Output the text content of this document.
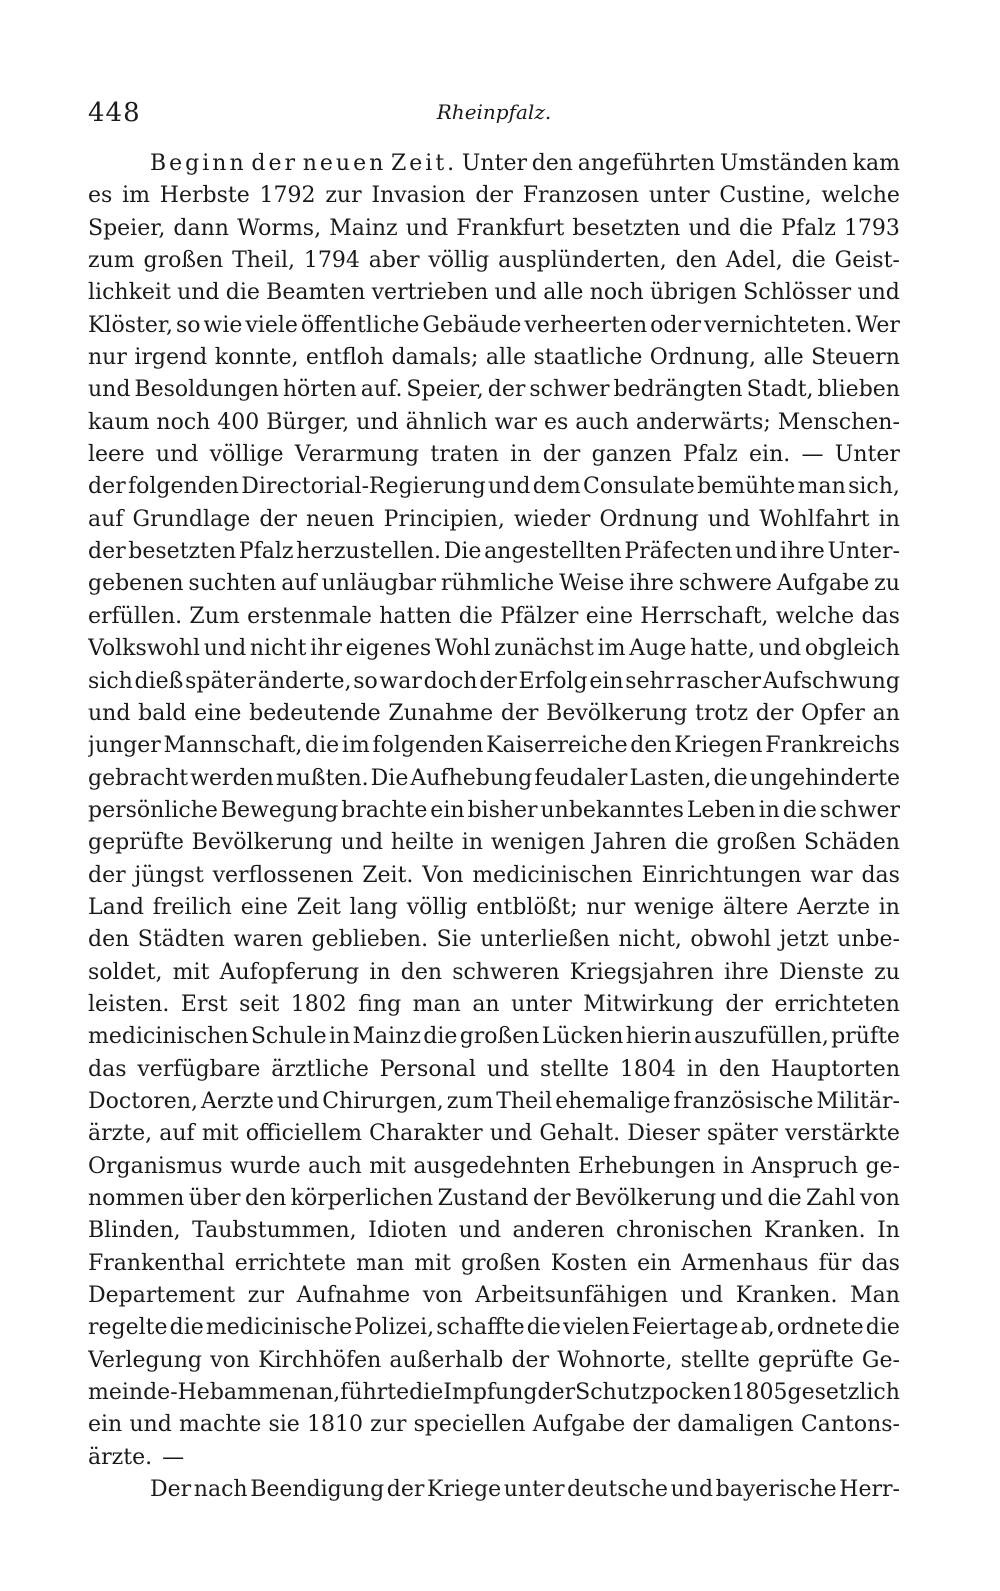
448	Rheinpfalz.
Beginn der neuen Zeit. Unter den angeführten Umständen kam
es im Herbste 1792 zur Invasion der Franzosen unter Custine, welche
Speier, dann Worms, Mainz und Frankfurt besetzten und die Pfalz 1793
zum großen Theil, 1794 aber völlig ausplünderten, den Adel, die Geist-
lichkeit und die Beamten vertrieben und alle noch übrigen Schlösser und
Klöster, so wie viele öffentliche Gebäude verheerten oder vernichteten. Wer
nur irgend konnte, entfloh damals; alle staatliche Ordnung, alle Steuern
und Besoldungen hörten auf. Speier, der schwer bedrängten Stadt, blieben
kaum noch 400 Bürger, und ähnlich war es auch anderwärts; Menschen-
leere und völlige Verarmung traten in der ganzen Pfalz ein. — Unter
der folgenden Directorial-Regierung und dem Consulate bemühte man sich,
auf Grundlage der neuen Principien, wieder Ordnung und Wohlfahrt in
der besetzten Pfalz herzustellen. Die angestellten Präfecten und ihre Unter-
gebenen suchten auf unläugbar rühmliche Weise ihre schwere Aufgabe zu
erfüllen. Zum erstenmale hatten die Pfälzer eine Herrschaft, welche das
Volkswohl und nicht ihr eigenes Wohl zunächst im Auge hatte, und obgleich
sich dieß später änderte, so war doch der Erfolg ein sehr rascher Aufschwung
und bald eine bedeutende Zunahme der Bevölkerung trotz der Opfer an
junger Mannschaft, die im folgenden Kaiserreiche den Kriegen Frankreichs
gebracht werden mußten. Die Aufhebung feudaler Lasten, die ungehinderte
persönliche Bewegung brachte ein bisher unbekanntes Leben in die schwer
geprüfte Bevölkerung und heilte in wenigen Jahren die großen Schäden
der jüngst verflossenen Zeit. Von medicinischen Einrichtungen war das
Land freilich eine Zeit lang völlig entblößt; nur wenige ältere Aerzte in
den Städten waren geblieben. Sie unterließen nicht, obwohl jetzt unbe-
soldet, mit Aufopferung in den schweren Kriegsjahren ihre Dienste zu
leisten. Erst seit 1802 fing man an unter Mitwirkung der errichteten
medicinischen Schule in Mainz die großen Lücken hierin auszufüllen, prüfte
das verfügbare ärztliche Personal und stellte 1804 in den Hauptorten
Doctoren, Aerzte und Chirurgen, zum Theil ehemalige französische Militär-
ärzte, auf mit officiellem Charakter und Gehalt. Dieser später verstärkte
Organismus wurde auch mit ausgedehnten Erhebungen in Anspruch ge-
nommen über den körperlichen Zustand der Bevölkerung und die Zahl von
Blinden, Taubstummen, Idioten und anderen chronischen Kranken. In
Frankenthal errichtete man mit großen Kosten ein Armenhaus für das
Departement zur Aufnahme von Arbeitsunfähigen und Kranken. Man
regelte die medicinische Polizei, schaffte die vielen Feiertage ab, ordnete die
Verlegung von Kirchhöfen außerhalb der Wohnorte, stellte geprüfte Ge-
meinde-Hebammen an, führte die Impfung der Schutzpocken 1805 gesetzlich
ein und machte sie 1810 zur speciellen Aufgabe der damaligen Cantons-
ärzte. —
Der nach Beendigung der Kriege unter deutsche und bayerische Herr-
